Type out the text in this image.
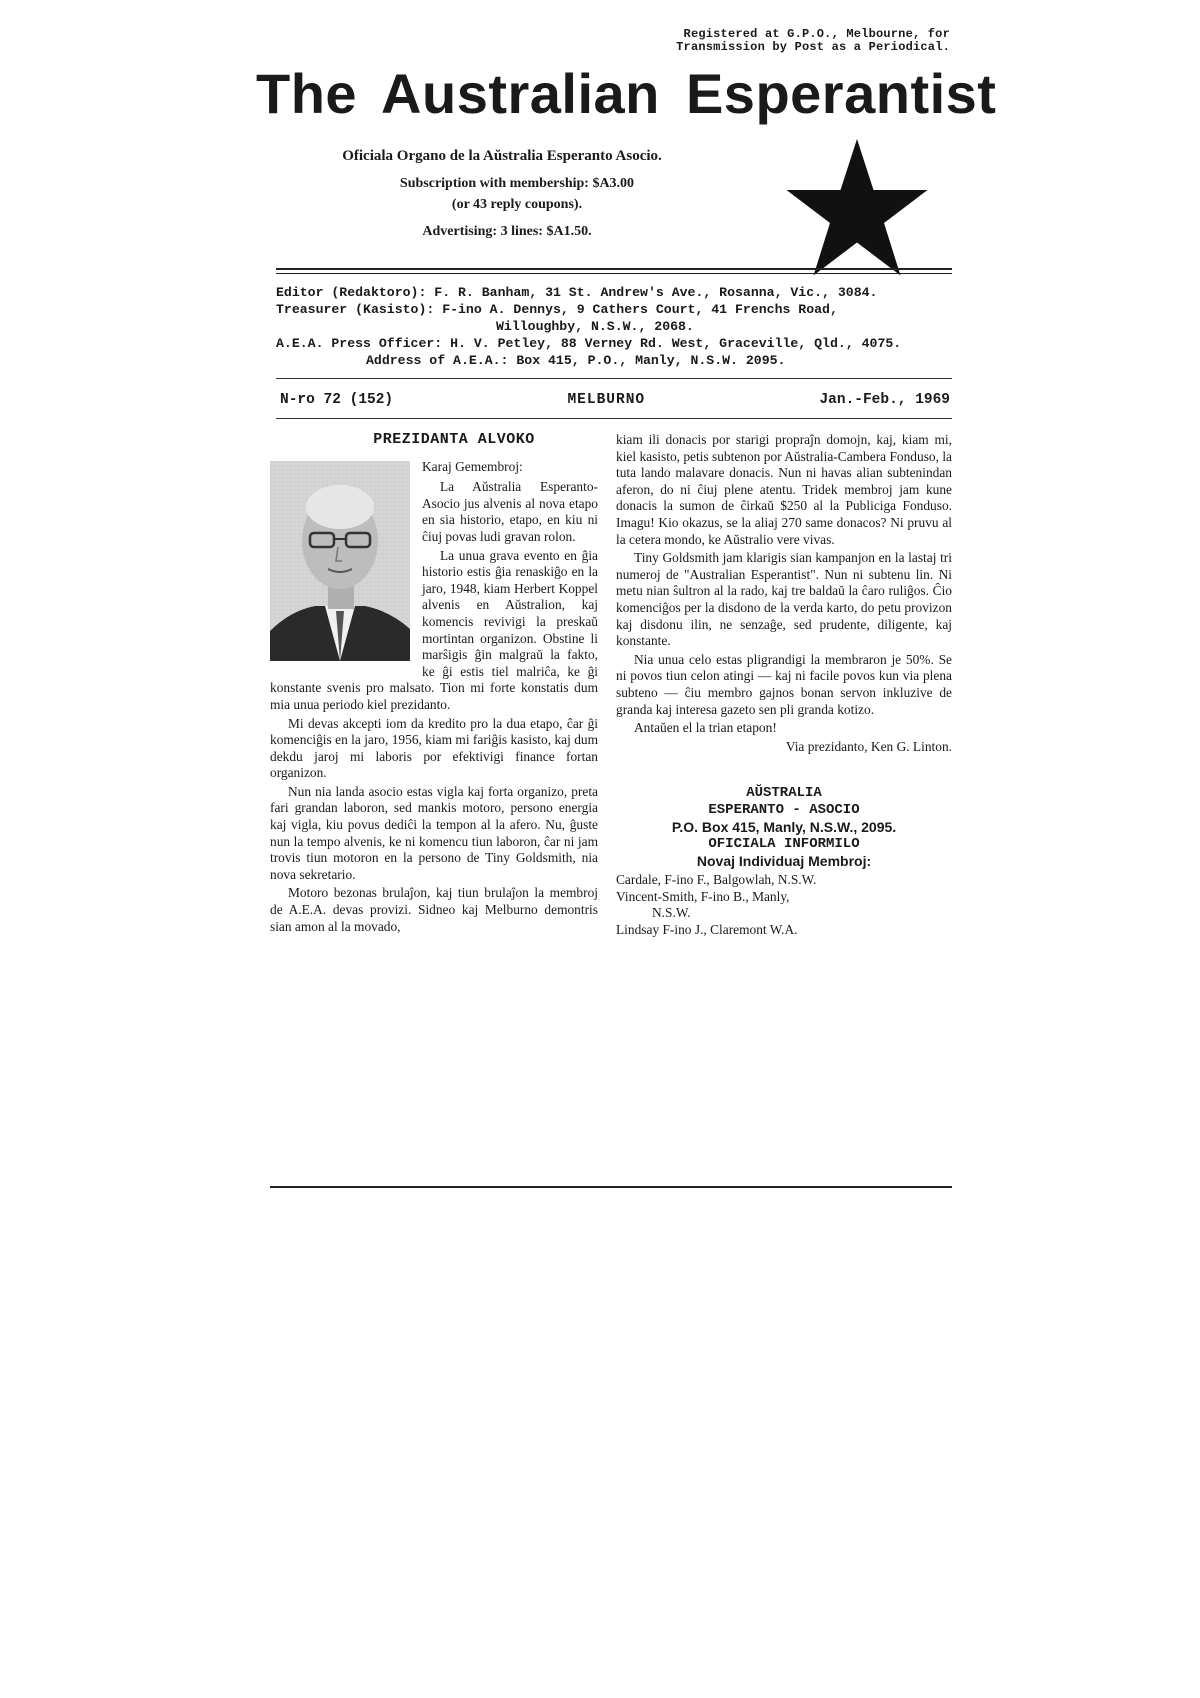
Registered at G.P.O., Melbourne, for
Transmission by Post as a Periodical.
The Australian Esperantist
Oficiala Organo de la Aŭstralia Esperanto Asocio.
Subscription with membership: $A3.00
(or 43 reply coupons).
Advertising: 3 lines: $A1.50.
Editor (Redaktoro): F. R. Banham, 31 St. Andrew's Ave., Rosanna, Vic., 3084.
Treasurer (Kasisto): F-ino A. Dennys, 9 Cathers Court, 41 Frenchs Road,
Willoughby, N.S.W., 2068.
A.E.A. Press Officer: H. V. Petley, 88 Verney Rd. West, Graceville, Qld., 4075.
Address of A.E.A.: Box 415, P.O., Manly, N.S.W. 2095.
N-ro 72 (152)	MELBURNO	Jan.-Feb., 1969
PREZIDANTA ALVOKO

Karaj Gemembroj:

La Aŭstralia Esperanto-Asocio jus alvenis al nova etapo en sia historio, etapo, en kiu ni ĉiuj povas ludi gravan rolon.

La unua grava evento en ĝia historio estis ĝia renaskiĝo en la jaro, 1948, kiam Herbert Koppel alvenis en Aŭstralion, kaj komencis revivigi la preskaŭ mortintan organizon. Obstine li marŝigis ĝin malgraŭ la fakto, ke ĝi estis tiel malriĉa, ke ĝi konstante svenis pro malsato. Tion mi forte konstatis dum mia unua periodo kiel prezidanto.

Mi devas akcepti iom da kredito pro la dua etapo, ĉar ĝi komenciĝis en la jaro, 1956, kiam mi fariĝis kasisto, kaj dum dekdu jaroj mi laboris por efektivigi finance fortan organizon.

Nun nia landa asocio estas vigla kaj forta organizo, preta fari grandan laboron, sed mankis motoro, persono energia kaj vigla, kiu povus dediĉi la tempon al la afero. Nu, ĝuste nun la tempo alvenis, ke ni komencu tiun laboron, ĉar ni jam trovis tiun motoron en la persono de Tiny Goldsmith, nia nova sekretario.

Motoro bezonas brulaĵon, kaj tiun brulaĵon la membroj de A.E.A. devas provizi. Sidneo kaj Melburno demontris sian amon al la movado,

kiam ili donacis por starigi propraĵn domojn, kaj, kiam mi, kiel kasisto, petis subtenon por Aŭstralia-Cambera Fonduso, la tuta lando malavare donacis. Nun ni havas alian subtenindan aferon, do ni ĉiuj plene atentu. Tridek membroj jam kune donacis la sumon de ĉirkaŭ $250 al la Publiciga Fonduso. Imagu! Kio okazus, se la aliaj 270 same donacos? Ni pruvu al la cetera mondo, ke Aŭstralio vere vivas.

Tiny Goldsmith jam klarigis sian kampanjon en la lastaj tri numeroj de "Australian Esperantist". Nun ni subtenu lin. Ni metu nian ŝultron al la rado, kaj tre baldaŭ la ĉaro ruliĝos. Ĉio komenciĝos per la disdono de la verda karto, do petu provizon kaj disdonu ilin, ne senzaĝe, sed prudente, diligente, kaj konstante.

Nia unua celo estas pligrandigi la membraron je 50%. Se ni povos tiun celon atingi — kaj ni facile povos kun via plena subteno — ĉiu membro gajnos bonan servon inkluzive de granda kaj interesa gazeto sen pli granda kotizo.

Antaŭen el la trian etapon!

Via prezidanto, Ken G. Linton.
AŬSTRALIA
ESPERANTO - ASOCIO
P.O. Box 415, Manly, N.S.W., 2095.
OFICIALA INFORMILO
Novaj Individuaj Membroj:
Cardale, F-ino F., Balgowlah, N.S.W.
Vincent-Smith, F-ino B., Manly,
N.S.W.
Lindsay F-ino J., Claremont W.A.
